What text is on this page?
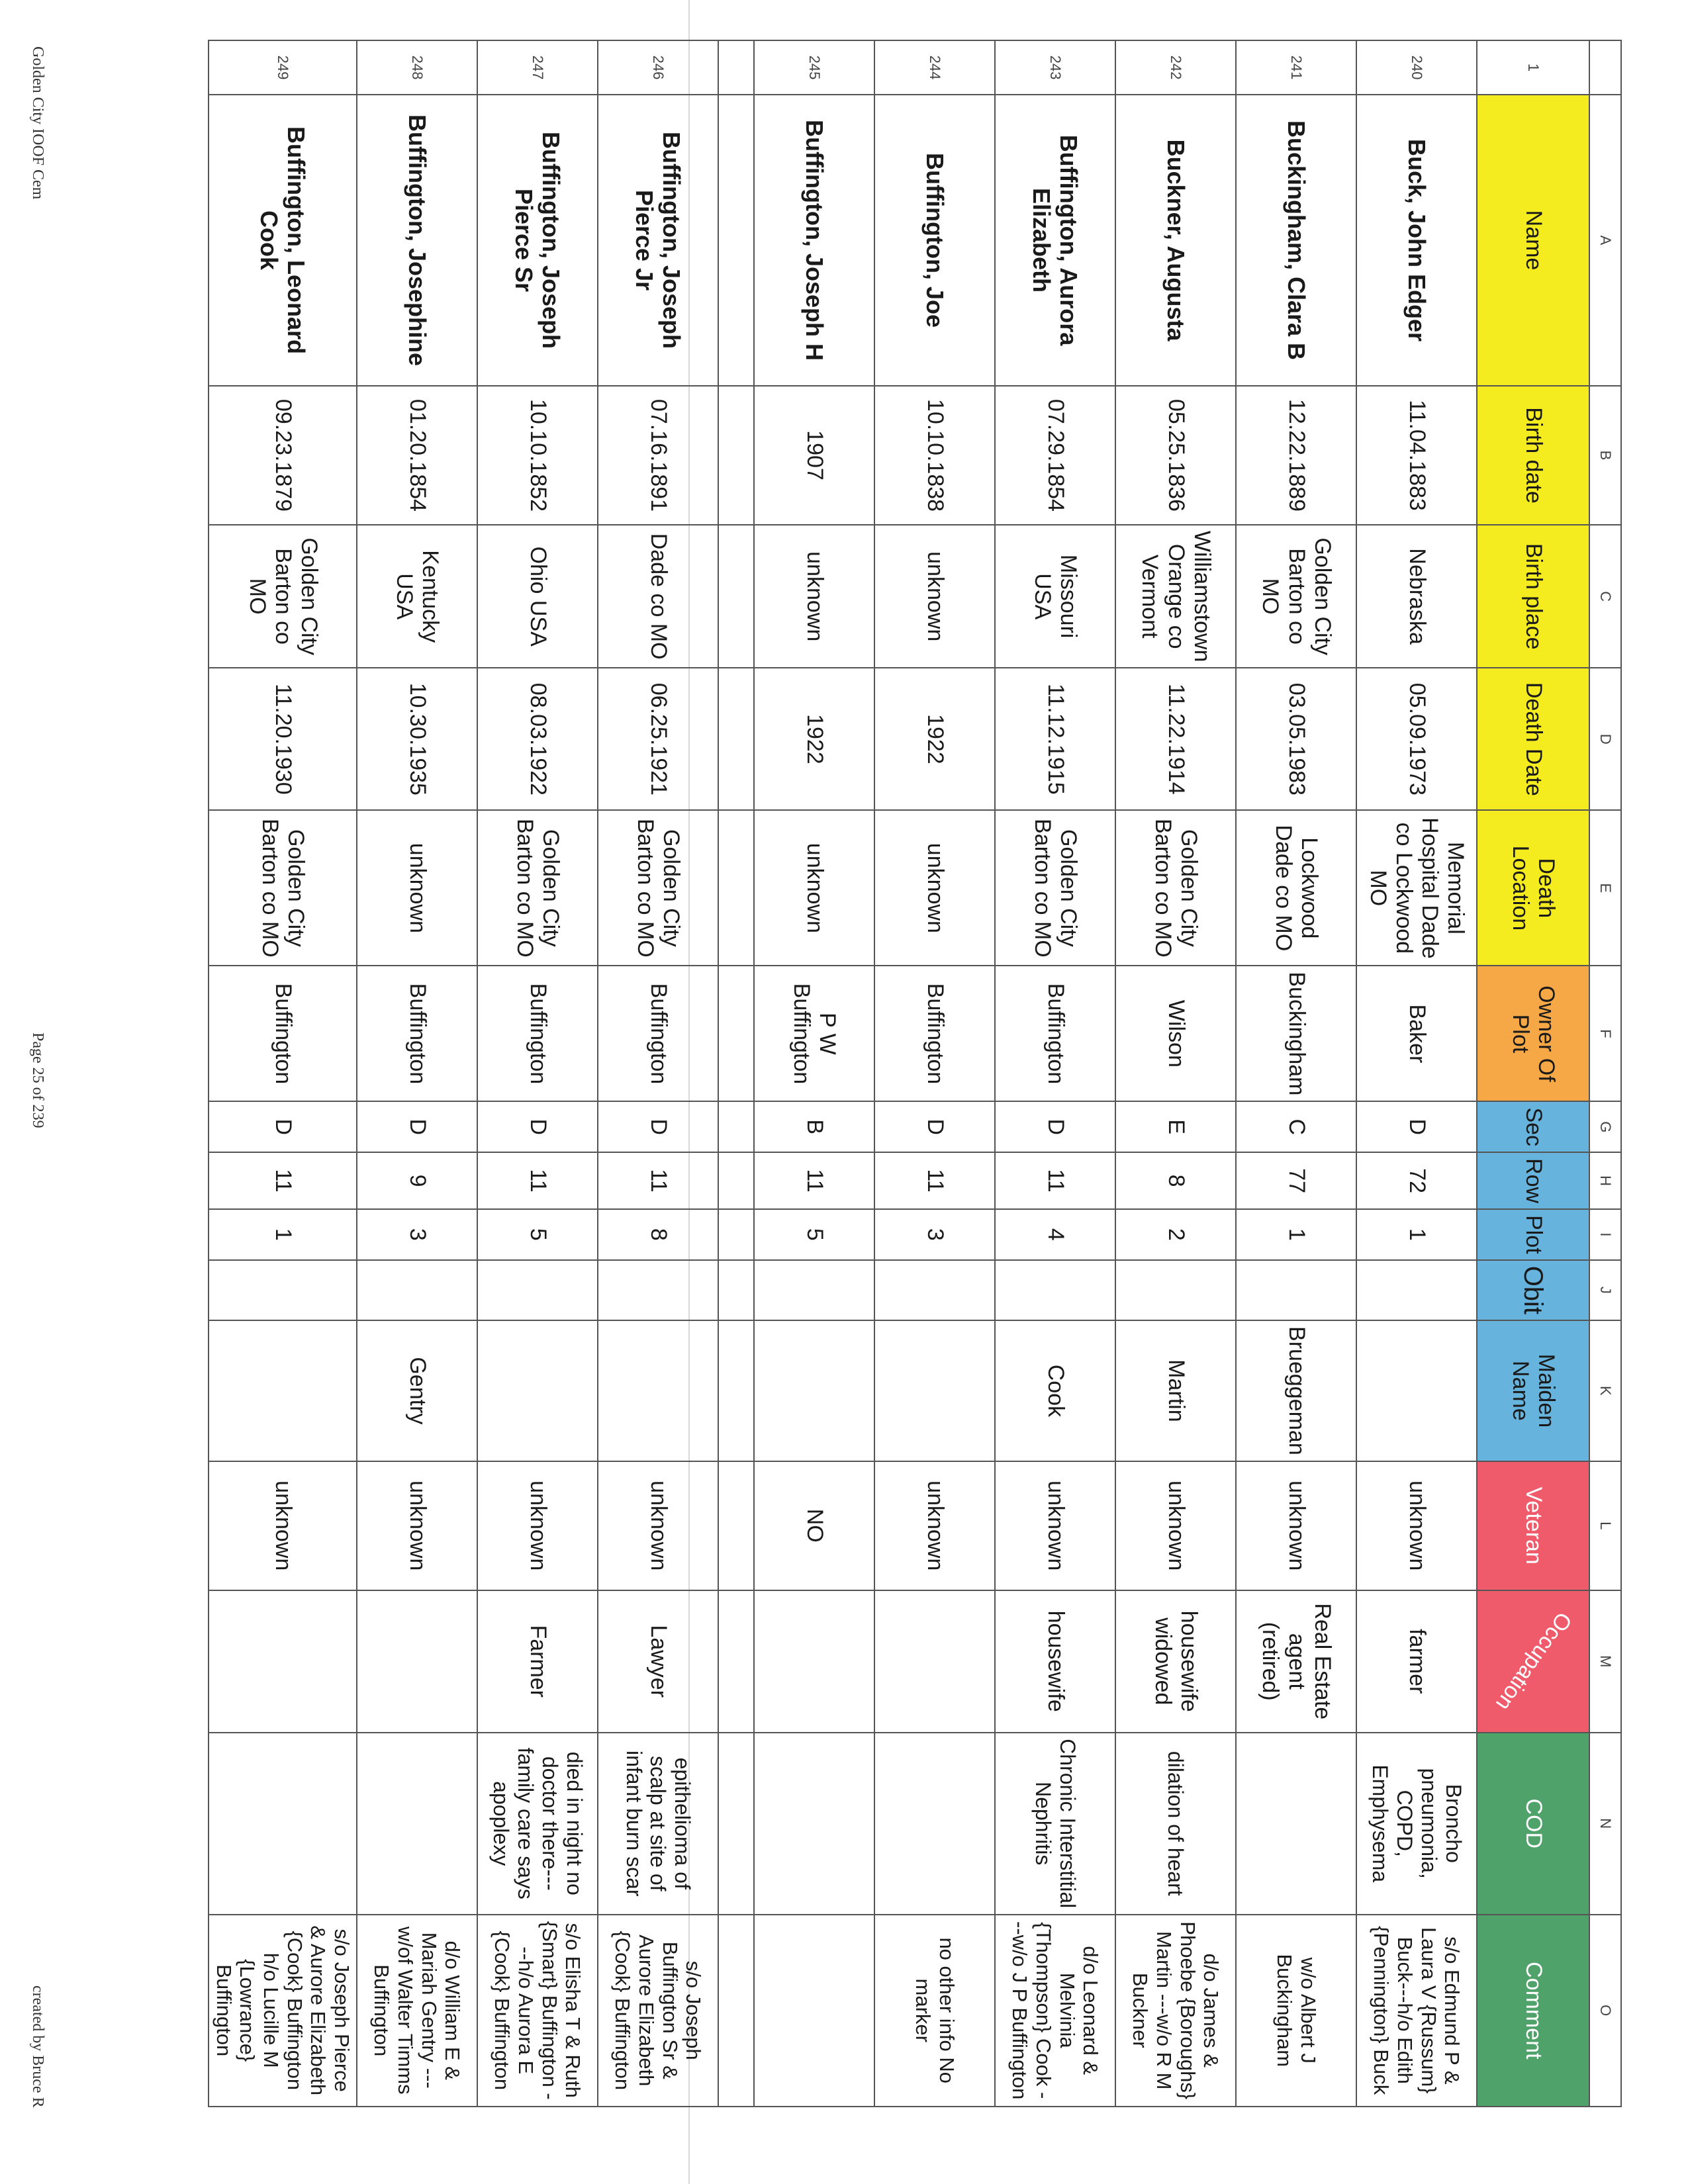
	A	B	C	D	E	F	G	H	I	J	K	L	M	N	O
1	Name	Birth date	Birth place	Death Date	Death Location	Owner Of Plot	Sec	Row	Plot	Obit	Maiden Name	Veteran	Occupation	COD	Comment
240	Buck, John Edger	11.04.1883	Nebraska	05.09.1973	Memorial Hospital Dade co Lockwood MO	Baker	D	72	1			unknown	farmer	Broncho pneumonia, COPD, Emphysema	s/o Edmund P & Laura V {Russum} Buck---h/o Edith {Pennington} Buck
241	Buckingham, Clara B	12.22.1889	Golden City Barton co MO	03.05.1983	Lockwood Dade co MO	Buckingham	C	77	1		Brueggeman	unknown	Real Estate agent (retired)		w/o Albert J Buckingham
242	Buckner, Augusta	05.25.1836	Williamstown Orange co Vermont	11.22.1914	Golden City Barton co MO	Wilson	E	8	2		Martin	unknown	housewife widowed	dilation of heart	d/o James & Phoebe {Boroughs} Martin ---w/o R M Buckner
243	Buffington, Aurora Elizabeth	07.29.1854	Missouri USA	11.12.1915	Golden City Barton co MO	Buffington	D	11	4		Cook	unknown	housewife	Chronic Interstitial Nephritis	d/o Leonard & Melvinia {Thompson} Cook ---w/o J P Buffington
244	Buffington, Joe	10.10.1838	unknown	1922	unknown	Buffington	D	11	3			unknown			no other info No marker
245	Buffington, Joseph H	1907	unknown	1922	unknown	P W Buffington	B	11	5			NO			

246	Buffington, Joseph Pierce Jr	07.16.1891	Dade co MO	06.25.1921	Golden City Barton co MO	Buffington	D	11	8			unknown	Lawyer	epithelioma of scalp at site of infant burn scar	s/o Joseph Buffington Sr & Aurore Elizabeth {Cook} Buffington
247	Buffington, Joseph Pierce Sr	10.10.1852	Ohio USA	08.03.1922	Golden City Barton co MO	Buffington	D	11	5			unknown	Farmer	died in night no doctor there---family care says apoplexy	s/o Elisha T & Ruth {Smart} Buffington ---h/o Aurora E {Cook} Buffington
248	Buffington, Josephine	01.20.1854	Kentucky USA	10.30.1935	unknown	Buffington	D	9	3		Gentry	unknown			d/o William E & Mariah Gentry ---w/of Walter Timms Buffington
249	Buffington, Leonard Cook	09.23.1879	Golden City Barton co MO	11.20.1930	Golden City Barton co MO	Buffington	D	11	1			unknown			s/o Joseph Pierce & Aurore Elizabeth {Cook} Buffington h/o Lucille M {Lowrance} Buffington
Golden City IOOF Cem
Page 25 of 239
created by Bruce R
